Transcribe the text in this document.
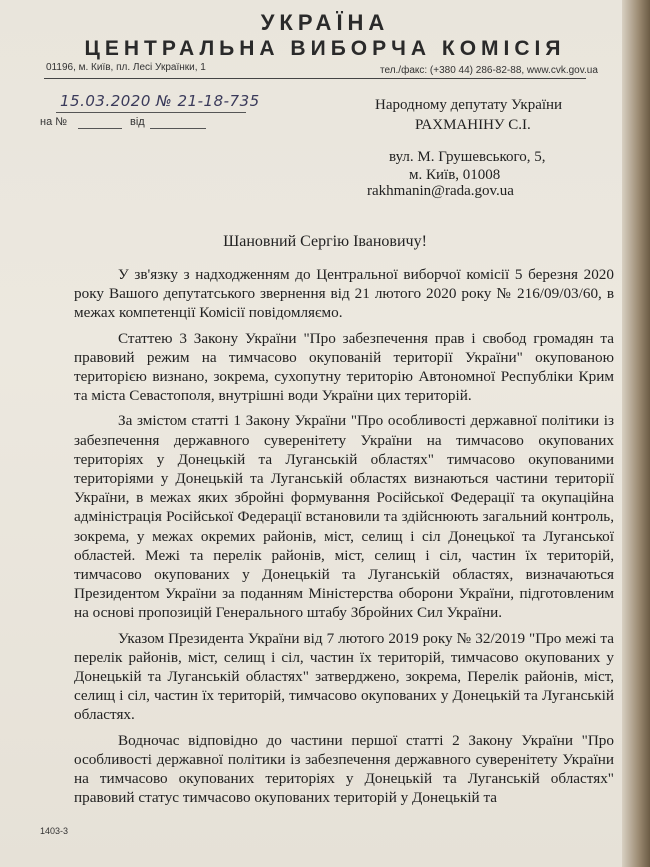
УКРАЇНА
ЦЕНТРАЛЬНА ВИБОРЧА КОМІСІЯ
01196, м. Київ, пл. Лесі Українки, 1	тел./факс: (+380 44) 286-82-88, www.cvk.gov.ua
15.03.2020 № 21-18-735
на №	від
Народному депутату України
РАХМАНІНУ С.І.
вул. М. Грушевського, 5,
м. Київ, 01008
rakhmanin@rada.gov.ua
Шановний Сергію Івановичу!

У зв'язку з надходженням до Центральної виборчої комісії 5 березня 2020 року Вашого депутатського звернення від 21 лютого 2020 року № 216/09/03/60, в межах компетенції Комісії повідомляємо.

Статтею 3 Закону України "Про забезпечення прав і свобод громадян та правовий режим на тимчасово окупованій території України" окупованою територією визнано, зокрема, сухопутну територію Автономної Республіки Крим та міста Севастополя, внутрішні води України цих територій.

За змістом статті 1 Закону України "Про особливості державної політики із забезпечення державного суверенітету України на тимчасово окупованих територіях у Донецькій та Луганській областях" тимчасово окупованими територіями у Донецькій та Луганській областях визнаються частини території України, в межах яких збройні формування Російської Федерації та окупаційна адміністрація Російської Федерації встановили та здійснюють загальний контроль, зокрема, у межах окремих районів, міст, селищ і сіл Донецької та Луганської областей. Межі та перелік районів, міст, селищ і сіл, частин їх територій, тимчасово окупованих у Донецькій та Луганській областях, визначаються Президентом України за поданням Міністерства оборони України, підготовленим на основі пропозицій Генерального штабу Збройних Сил України.

Указом Президента України від 7 лютого 2019 року № 32/2019 "Про межі та перелік районів, міст, селищ і сіл, частин їх територій, тимчасово окупованих у Донецькій та Луганській областях" затверджено, зокрема, Перелік районів, міст, селищ і сіл, частин їх територій, тимчасово окупованих у Донецькій та Луганській областях.

Водночас відповідно до частини першої статті 2 Закону України "Про особливості державної політики із забезпечення державного суверенітету України на тимчасово окупованих територіях у Донецькій та Луганській областях" правовий статус тимчасово окупованих територій у Донецькій та

1403-3
